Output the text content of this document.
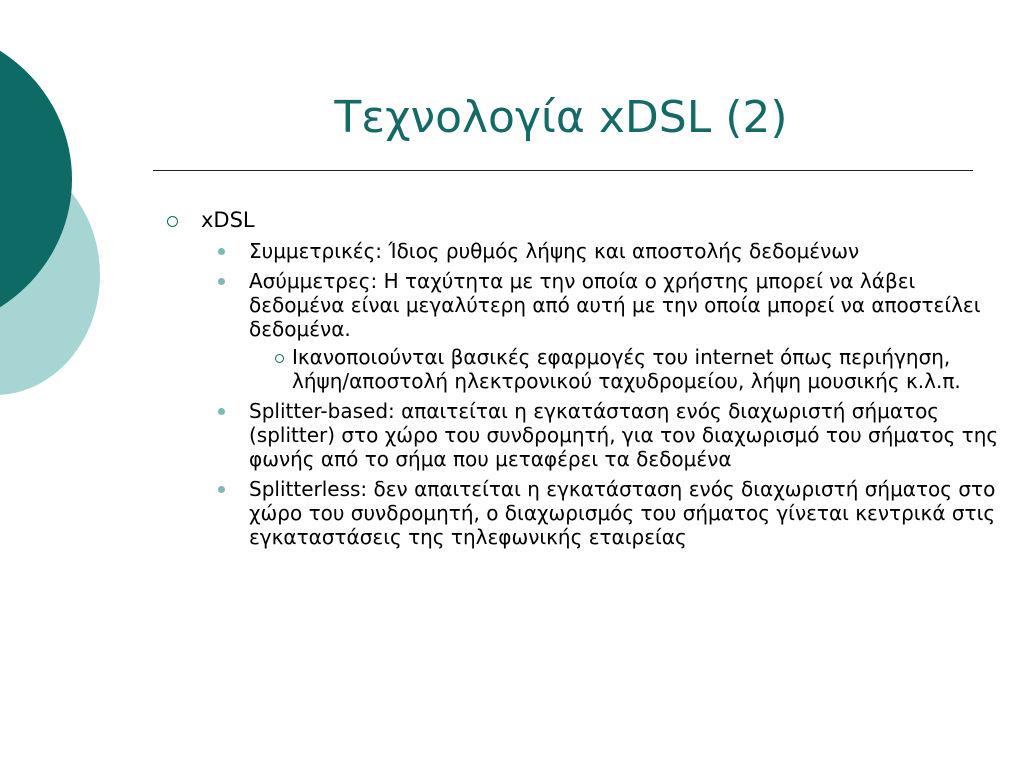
Τεχνολογία xDSL (2)
xDSL
Συμμετρικές: Ίδιος ρυθμός λήψης και αποστολής δεδομένων
Ασύμμετρες: Η ταχύτητα με την οποία ο χρήστης μπορεί να λάβει δεδομένα είναι μεγαλύτερη από αυτή με την οποία μπορεί να αποστείλει δεδομένα.
Ικανοποιούνται βασικές εφαρμογές του internet όπως περιήγηση, λήψη/αποστολή ηλεκτρονικού ταχυδρομείου, λήψη μουσικής κ.λ.π.
Splitter-based: απαιτείται η εγκατάσταση ενός διαχωριστή σήματος (splitter) στο χώρο του συνδρομητή, για τον διαχωρισμό του σήματος της φωνής από το σήμα που μεταφέρει τα δεδομένα
Splitterless: δεν απαιτείται η εγκατάσταση ενός διαχωριστή σήματος στο χώρο του συνδρομητή, ο διαχωρισμός του σήματος γίνεται κεντρικά στις εγκαταστάσεις της τηλεφωνικής εταιρείας
